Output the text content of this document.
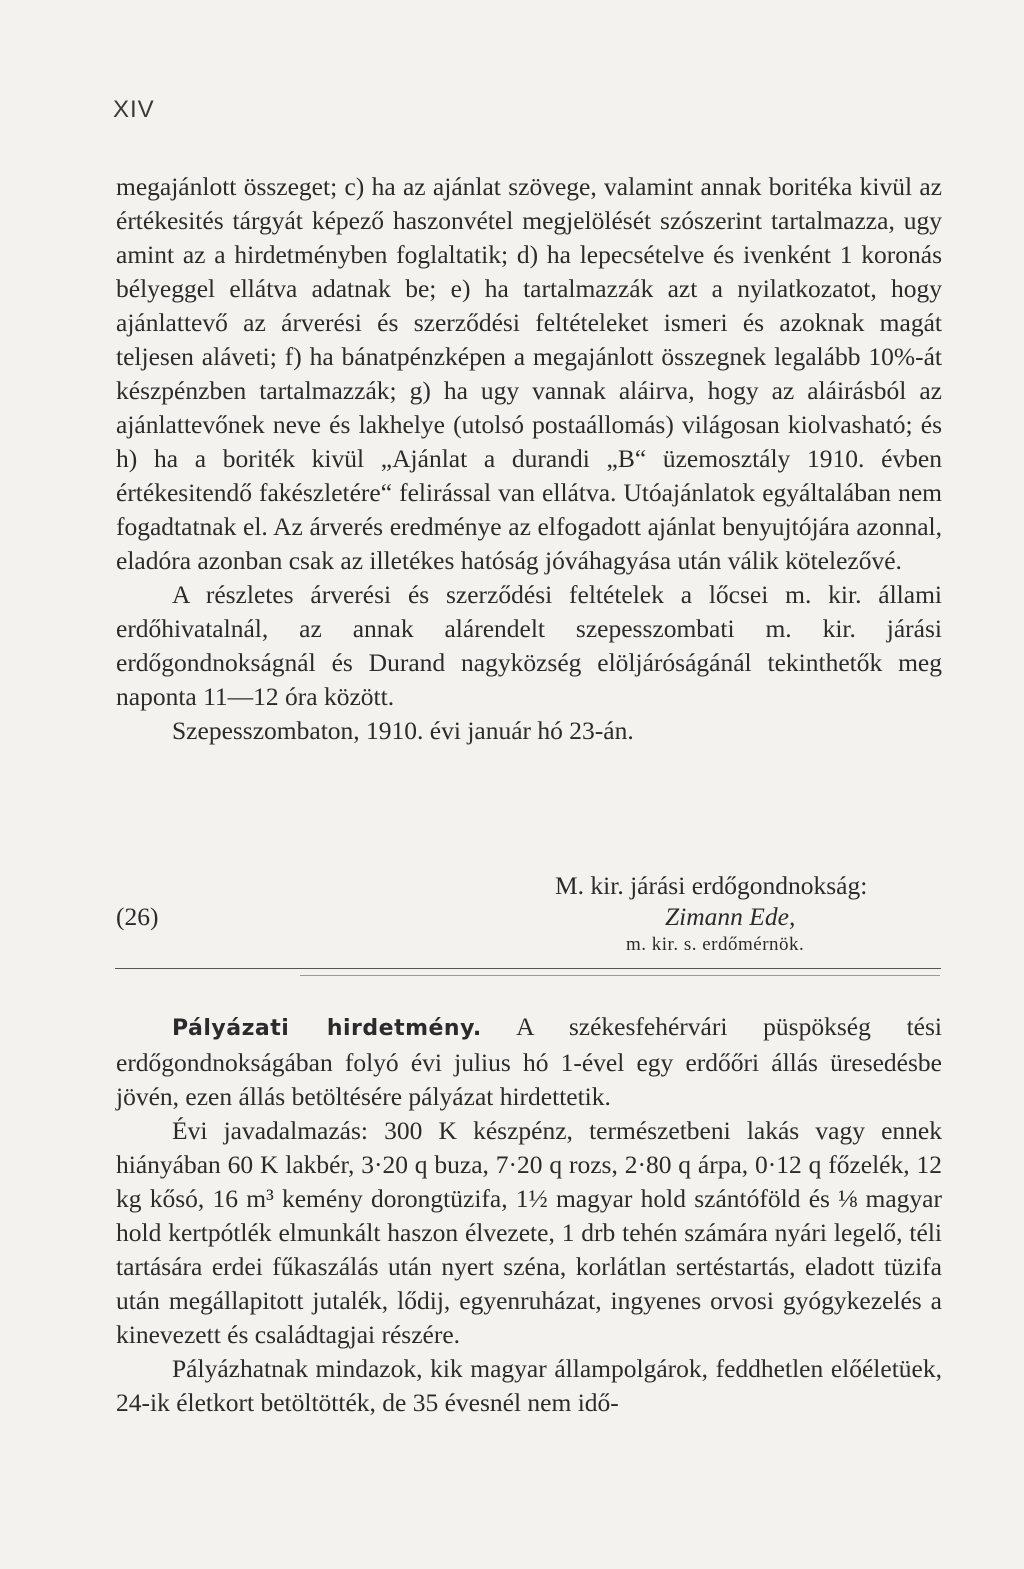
XIV

megajánlott összeget; c) ha az ajánlat szövege, valamint annak boritéka kivül az értékesités tárgyát képező haszonvétel megjelölését szószerint tartalmazza, ugy amint az a hirdetményben foglaltatik; d) ha lepecsételve és ivenként 1 koronás bélyeggel ellátva adatnak be; e) ha tartalmazzák azt a nyilatkozatot, hogy ajánlattevő az árverési és szerződési feltételeket ismeri és azoknak magát teljesen aláveti; f) ha bánatpénzképen a megajánlott összegnek legalább 10%-át készpénzben tartalmazzák; g) ha ugy vannak aláirva, hogy az aláirásból az ajánlattevőnek neve és lakhelye (utolsó postaállomás) világosan kiolvasható; és h) ha a boriték kivül „Ajánlat a durandi „B“ üzemosztály 1910. évben értékesitendő fakészletére“ felirással van ellátva. Utóajánlatok egyáltalában nem fogadtatnak el. Az árverés eredménye az elfogadott ajánlat benyujtójára azonnal, eladóra azonban csak az illetékes hatóság jóváhagyása után válik kötelezővé.

A részletes árverési és szerződési feltételek a lőcsei m. kir. állami erdőhivatalnál, az annak alárendelt szepesszombati m. kir. járási erdőgondnokságnál és Durand nagyközség elöljáróságánál tekinthetők meg naponta 11—12 óra között.

Szepesszombaton, 1910. évi január hó 23-án.

M. kir. járási erdőgondnokság:
(26)	Zimann Ede,
m. kir. s. erdőmérnök.

Pályázati hirdetmény. A székesfehérvári püspökség tési erdőgondnokságában folyó évi julius hó 1-ével egy erdőőri állás üresedésbe jövén, ezen állás betöltésére pályázat hirdettetik.

Évi javadalmazás: 300 K készpénz, természetbeni lakás vagy ennek hiányában 60 K lakbér, 3·20 q buza, 7·20 q rozs, 2·80 q árpa, 0·12 q főzelék, 12 kg kősó, 16 m³ kemény dorongtüzifa, 1½ magyar hold szántóföld és ⅛ magyar hold kertpótlék elmunkált haszon élvezete, 1 drb tehén számára nyári legelő, téli tartására erdei fűkaszálás után nyert széna, korlátlan sertéstartás, eladott tüzifa után megállapitott jutalék, lődij, egyenruházat, ingyenes orvosi gyógykezelés a kinevezett és családtagjai részére.

Pályázhatnak mindazok, kik magyar állampolgárok, feddhetlen előéletüek, 24-ik életkort betöltötték, de 35 évesnél nem idő-
